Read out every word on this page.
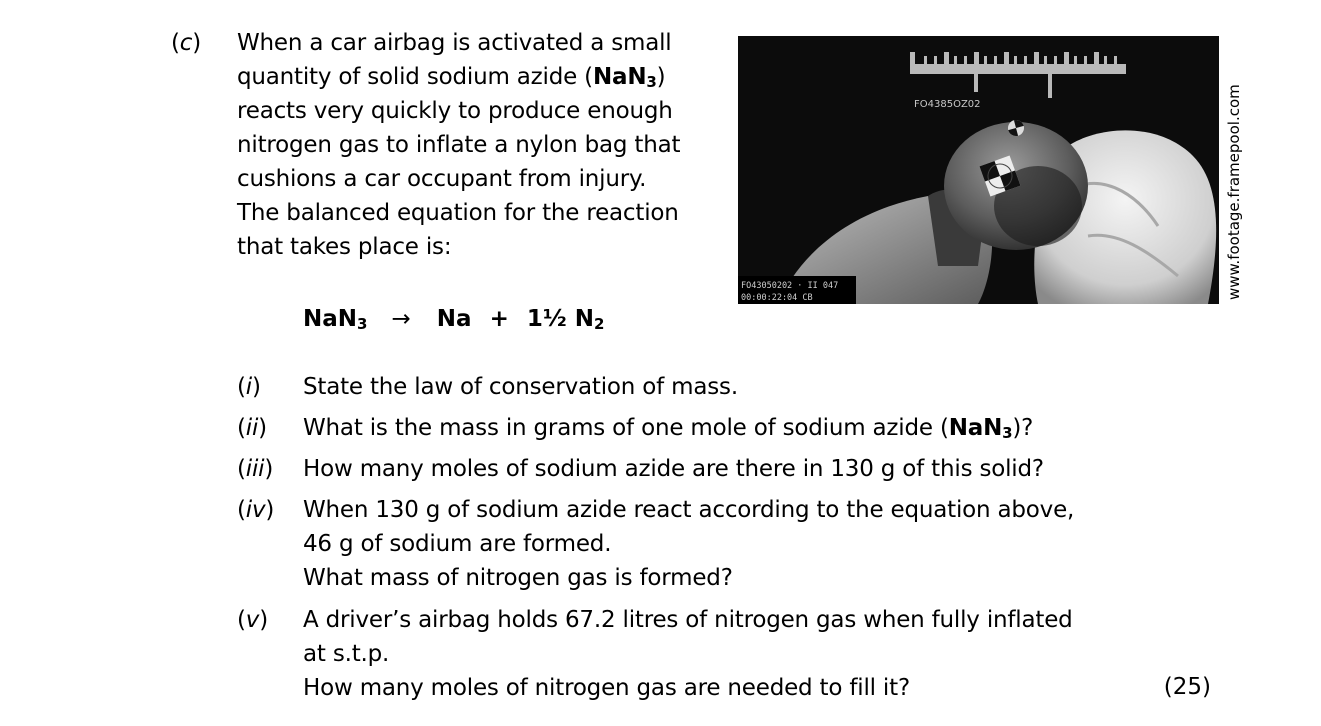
(c) When a car airbag is activated a small
quantity of solid sodium azide (NaN$_3$)
reacts very quickly to produce enough
nitrogen gas to inflate a nylon bag that
cushions a car occupant from injury.
The balanced equation for the reaction
that takes place is:
NaN$_3$ → Na + 1½ $N_2$
FO4385OZ02
FO43050202 · II 047
00:00:22:04 CB	www.footage.framepool.com
(i) State the law of conservation of mass.
(ii) What is the mass in grams of one mole of sodium azide (NaN$_3$)?
(iii) How many moles of sodium azide are there in 130 g of this solid?
(iv) When 130 g of sodium azide react according to the equation above,
46 g of sodium are formed.
What mass of nitrogen gas is formed?
(v) A driver’s airbag holds 67.2 litres of nitrogen gas when fully inflated
at s.t.p.
How many moles of nitrogen gas are needed to fill it?	(25)
